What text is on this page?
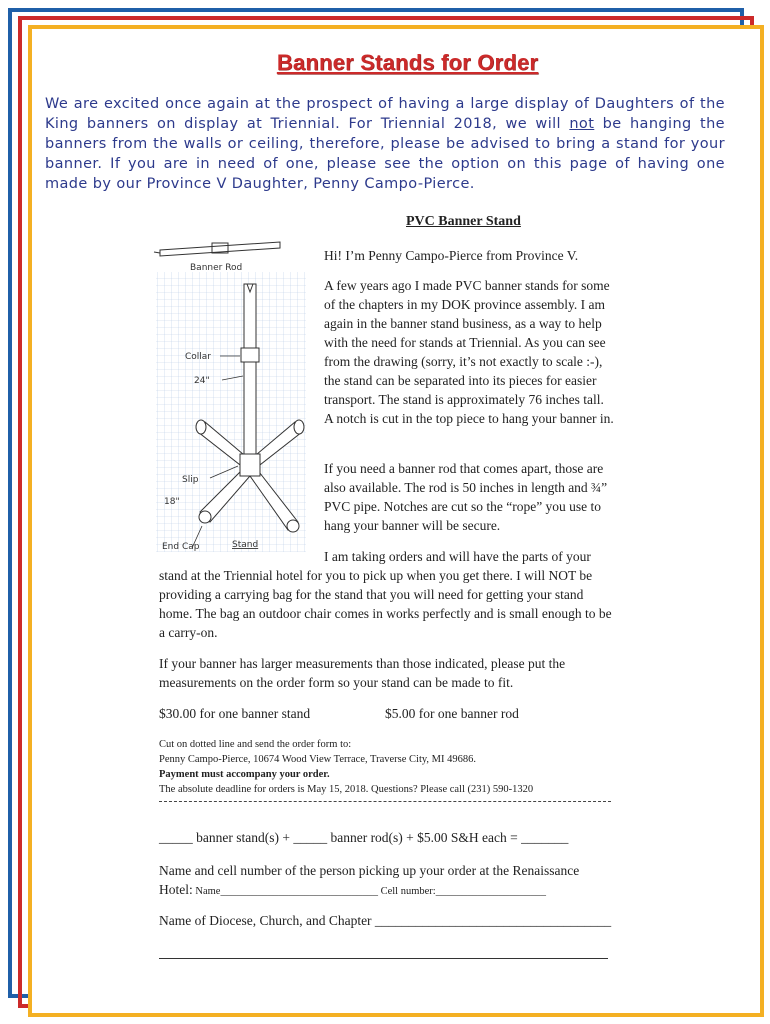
Banner Stands for Order
We are excited once again at the prospect of having a large display of Daughters of the King banners on display at Triennial. For Triennial 2018, we will not be hanging the banners from the walls or ceiling, therefore, please be advised to bring a stand for your banner. If you are in need of one, please see the option on this page of having one made by our Province V Daughter, Penny Campo-Pierce.
Banner Rod
Collar
24"
Slip
18"
End Cap	Stand
PVC Banner Stand
Hi! I’m Penny Campo-Pierce from Province V.
A few years ago I made PVC banner stands for some of the chapters in my DOK province assembly. I am again in the banner stand business, as a way to help with the need for stands at Triennial. As you can see from the drawing (sorry, it’s not exactly to scale :-), the stand can be separated into its pieces for easier transport. The stand is approximately 76 inches tall. A notch is cut in the top piece to hang your banner in.
If you need a banner rod that comes apart, those are also available. The rod is 50 inches in length and ¾” PVC pipe. Notches are cut so the “rope” you use to hang your banner will be secure.
I am taking orders and will have the parts of your
stand at the Triennial hotel for you to pick up when you get there. I will NOT be providing a carrying bag for the stand that you will need for getting your stand home. The bag an outdoor chair comes in works perfectly and is small enough to be a carry-on.
If your banner has larger measurements than those indicated, please put the measurements on the order form so your stand can be made to fit.
$30.00 for one banner stand	$5.00 for one banner rod
Cut on dotted line and send the order form to:
Penny Campo-Pierce, 10674 Wood View Terrace, Traverse City, MI 49686.
Payment must accompany your order.
The absolute deadline for orders is May 15, 2018. Questions? Please call (231) 590-1320
_____ banner stand(s) + _____ banner rod(s) + $5.00 S&H each = _______
Name and cell number of the person picking up your order at the Renaissance
Hotel: Name______________________________ Cell number:_____________________
Name of Diocese, Church, and Chapter ___________________________________
